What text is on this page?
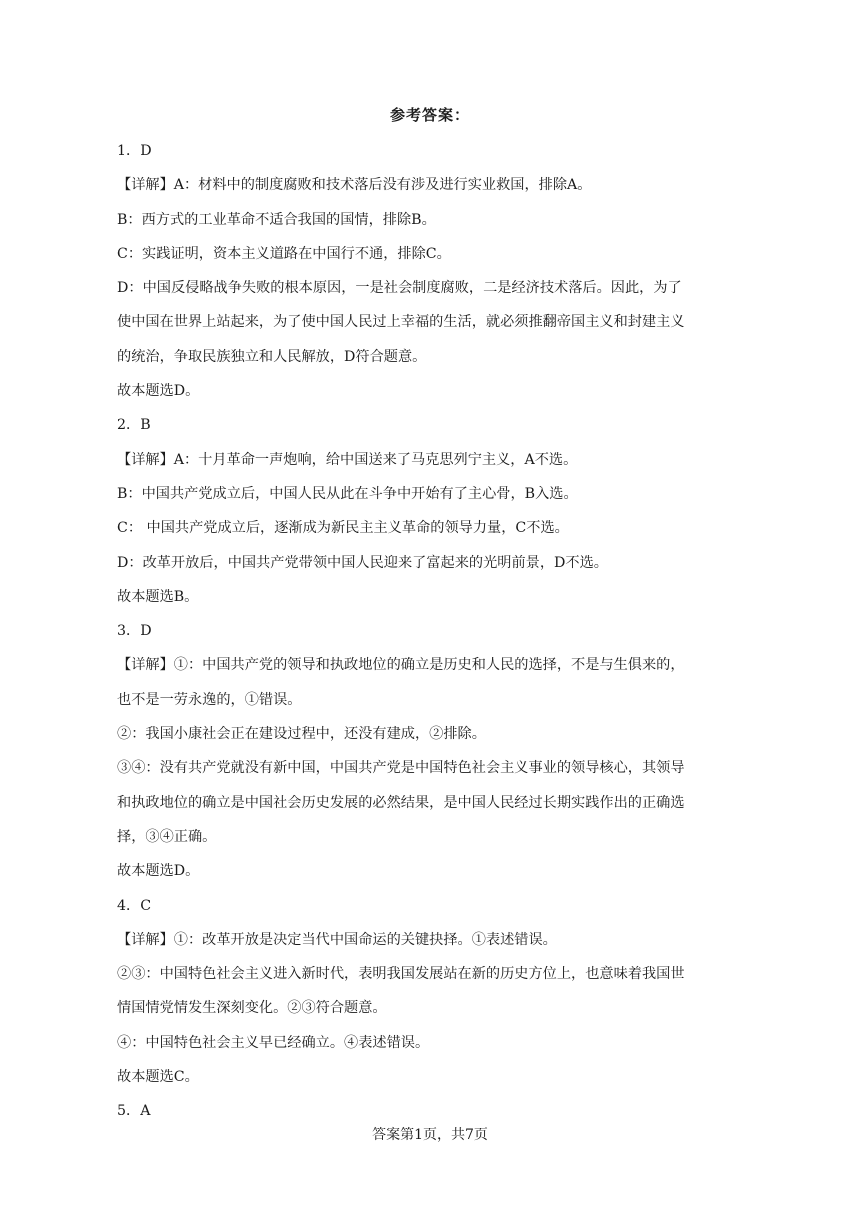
参考答案：
1．D
【详解】A：材料中的制度腐败和技术落后没有涉及进行实业救国，排除A。
B：西方式的工业革命不适合我国的国情，排除B。
C：实践证明，资本主义道路在中国行不通，排除C。
D：中国反侵略战争失败的根本原因，一是社会制度腐败，二是经济技术落后。因此，为了
使中国在世界上站起来，为了使中国人民过上幸福的生活，就必须推翻帝国主义和封建主义
的统治，争取民族独立和人民解放，D符合题意。
故本题选D。
2．B
【详解】A：十月革命一声炮响，给中国送来了马克思列宁主义，A不选。
B：中国共产党成立后，中国人民从此在斗争中开始有了主心骨，B入选。
C： 中国共产党成立后，逐渐成为新民主主义革命的领导力量，C不选。
D：改革开放后，中国共产党带领中国人民迎来了富起来的光明前景，D不选。
故本题选B。
3．D
【详解】①：中国共产党的领导和执政地位的确立是历史和人民的选择，不是与生俱来的，
也不是一劳永逸的，①错误。
②：我国小康社会正在建设过程中，还没有建成，②排除。
③④：没有共产党就没有新中国，中国共产党是中国特色社会主义事业的领导核心，其领导
和执政地位的确立是中国社会历史发展的必然结果，是中国人民经过长期实践作出的正确选
择，③④正确。
故本题选D。
4．C
【详解】①：改革开放是决定当代中国命运的关键抉择。①表述错误。
②③：中国特色社会主义进入新时代，表明我国发展站在新的历史方位上，也意味着我国世
情国情党情发生深刻变化。②③符合题意。
④：中国特色社会主义早已经确立。④表述错误。
故本题选C。
5．A
答案第1页，共7页
